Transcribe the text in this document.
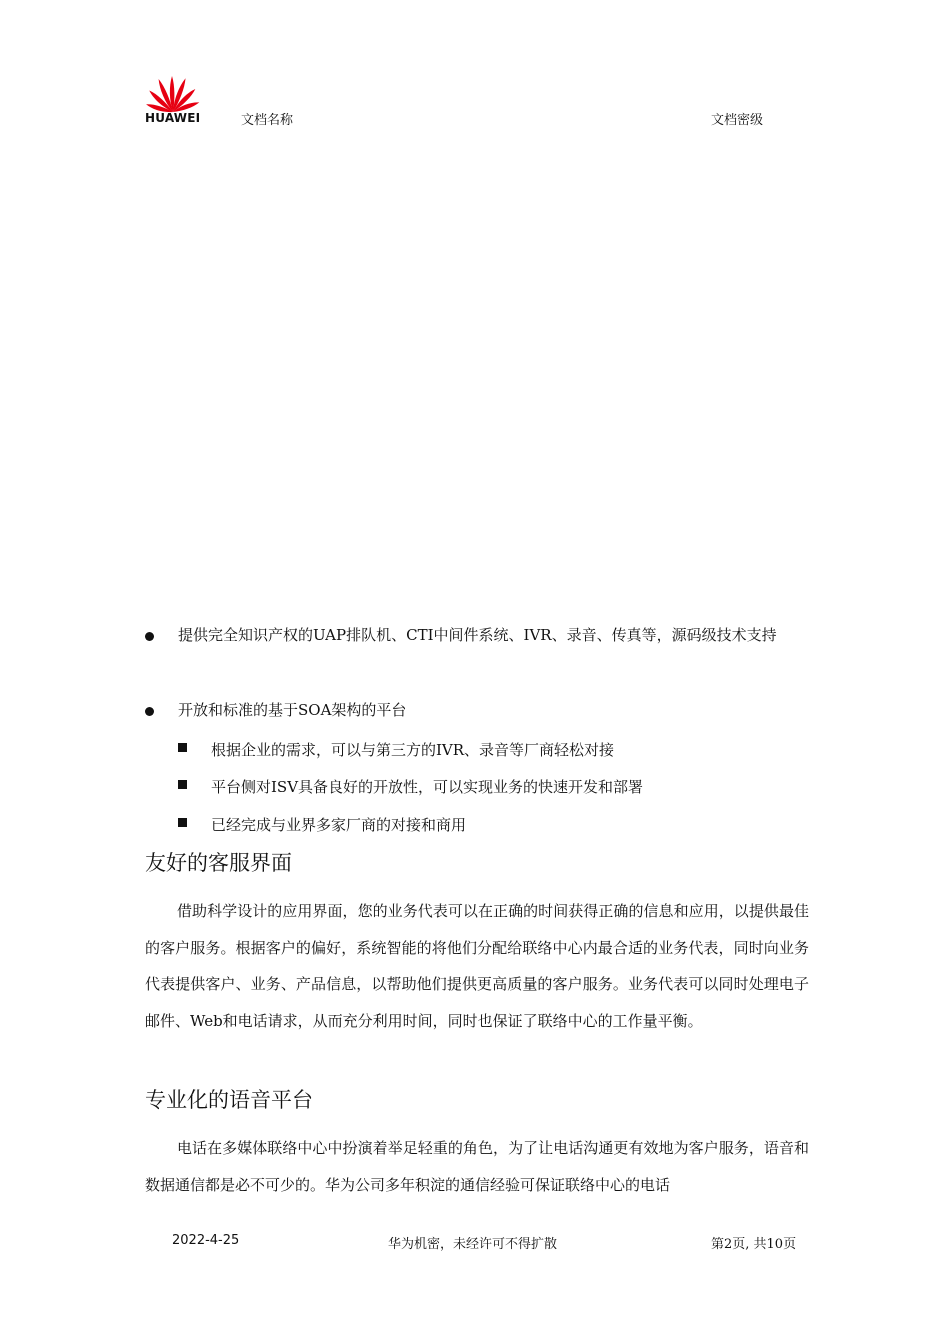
HUAWEI	文档名称	文档密级
提供完全知识产权的UAP排队机、CTI中间件系统、IVR、录音、传真等，源码级技术支持
开放和标准的基于SOA架构的平台
根据企业的需求，可以与第三方的IVR、录音等厂商轻松对接
平台侧对ISV具备良好的开放性，可以实现业务的快速开发和部署
已经完成与业界多家厂商的对接和商用
友好的客服界面
借助科学设计的应用界面，您的业务代表可以在正确的时间获得正确的信息和应用，以提供最佳的客户服务。根据客户的偏好，系统智能的将他们分配给联络中心内最合适的业务代表，同时向业务代表提供客户、业务、产品信息，以帮助他们提供更高质量的客户服务。业务代表可以同时处理电子邮件、Web和电话请求，从而充分利用时间，同时也保证了联络中心的工作量平衡。
专业化的语音平台
电话在多媒体联络中心中扮演着举足轻重的角色，为了让电话沟通更有效地为客户服务，语音和数据通信都是必不可少的。华为公司多年积淀的通信经验可保证联络中心的电话
2022-4-25	华为机密，未经许可不得扩散	第2页, 共10页
